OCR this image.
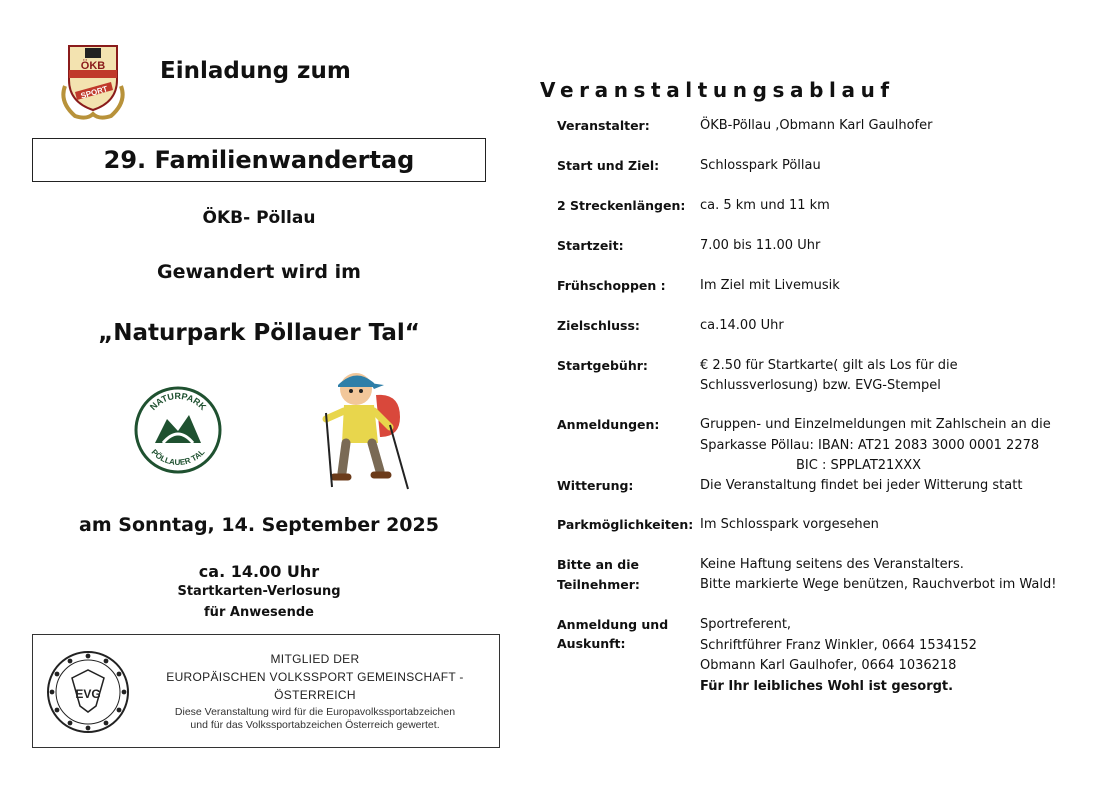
ÖKB
SPORT
Einladung zum
29. Familienwandertag
ÖKB- Pöllau
Gewandert wird im
„Naturpark Pöllauer Tal“
NATURPARK
PÖLLAUER TAL
am Sonntag, 14. September 2025
ca. 14.00 Uhr
Startkarten-Verlosung
für Anwesende
EVG
MITGLIED DER
EUROPÄISCHEN VOLKSSPORT GEMEINSCHAFT -
ÖSTERREICH
Diese Veranstaltung wird für die Europavolkssportabzeichen
und für das Volkssportabzeichen Österreich gewertet.
Veranstaltungsablauf
Veranstalter:	ÖKB-Pöllau ,Obmann Karl Gaulhofer
Start und Ziel:	Schlosspark Pöllau
2 Streckenlängen: ca. 5 km und 11 km
Startzeit:	7.00 bis 11.00 Uhr
Frühschoppen :	Im Ziel mit Livemusik
Zielschluss:	ca.14.00 Uhr
Startgebühr:	€ 2.50 für Startkarte( gilt als Los für die
Schlussverlosung) bzw. EVG-Stempel
Anmeldungen:	Gruppen- und Einzelmeldungen mit Zahlschein an die
Sparkasse Pöllau: IBAN: AT21 2083 3000 0001 2278
BIC : SPPLAT21XXX
Witterung:	Die Veranstaltung findet bei jeder Witterung statt
Parkmöglichkeiten: Im Schlosspark vorgesehen
Bitte an die
Teilnehmer:
Keine Haftung seitens des Veranstalters.
Bitte markierte Wege benützen, Rauchverbot im Wald!
Anmeldung und
Auskunft:
Sportreferent,
Schriftführer Franz Winkler, 0664 1534152
Obmann Karl Gaulhofer, 0664 1036218
Für Ihr leibliches Wohl ist gesorgt.
